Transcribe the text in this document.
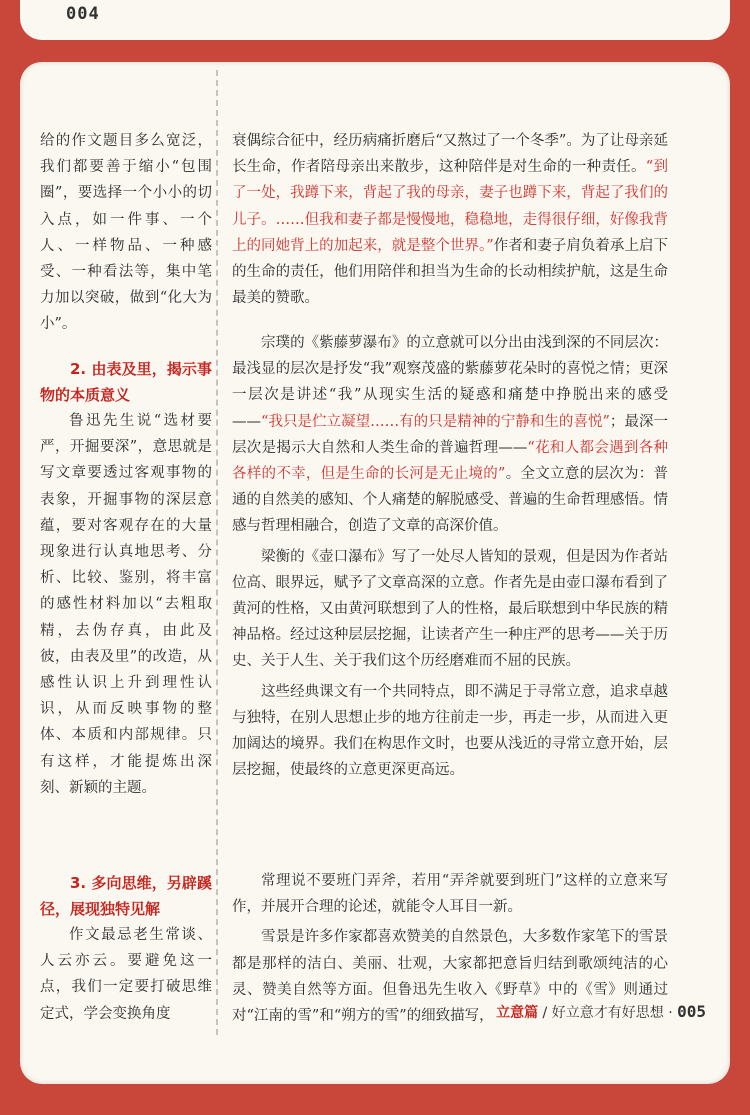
004

给的作文题目多么宽泛，我们都要善于缩小“包围圈”，要选择一个小小的切入点，如一件事、一个人、一样物品、一种感受、一种看法等，集中笔力加以突破，做到“化大为小”。

2. 由表及里，揭示事物的本质意义

鲁迅先生说“选材要严，开掘要深”，意思就是写文章要透过客观事物的表象，开掘事物的深层意蕴，要对客观存在的大量现象进行认真地思考、分析、比较、鉴别，将丰富的感性材料加以“去粗取精，去伪存真，由此及彼，由表及里”的改造，从感性认识上升到理性认识，从而反映事物的整体、本质和内部规律。只有这样，才能提炼出深刻、新颖的主题。

3. 多向思维，另辟蹊径，展现独特见解

作文最忌老生常谈、人云亦云。要避免这一点，我们一定要打破思维定式，学会变换角度

衰偶综合征中，经历病痛折磨后“又熬过了一个冬季”。为了让母亲延长生命，作者陪母亲出来散步，这种陪伴是对生命的一种责任。“到了一处，我蹲下来，背起了我的母亲，妻子也蹲下来，背起了我们的儿子。……但我和妻子都是慢慢地，稳稳地，走得很仔细，好像我背上的同她背上的加起来，就是整个世界。”作者和妻子肩负着承上启下的生命的责任，他们用陪伴和担当为生命的长动相续护航，这是生命最美的赞歌。

宗璞的《紫藤萝瀑布》的立意就可以分出由浅到深的不同层次：最浅显的层次是抒发“我”观察茂盛的紫藤萝花朵时的喜悦之情；更深一层次是讲述“我”从现实生活的疑惑和痛楚中挣脱出来的感受——“我只是伫立凝望……有的只是精神的宁静和生的喜悦”；最深一层次是揭示大自然和人类生命的普遍哲理——“花和人都会遇到各种各样的不幸，但是生命的长河是无止境的”。全文立意的层次为：普通的自然美的感知、个人痛楚的解脱感受、普遍的生命哲理感悟。情感与哲理相融合，创造了文章的高深价值。

梁衡的《壶口瀑布》写了一处尽人皆知的景观，但是因为作者站位高、眼界远，赋予了文章高深的立意。作者先是由壶口瀑布看到了黄河的性格，又由黄河联想到了人的性格，最后联想到中华民族的精神品格。经过这种层层挖掘，让读者产生一种庄严的思考——关于历史、关于人生、关于我们这个历经磨难而不屈的民族。

这些经典课文有一个共同特点，即不满足于寻常立意，追求卓越与独特，在别人思想止步的地方往前走一步，再走一步，从而进入更加阔达的境界。我们在构思作文时，也要从浅近的寻常立意开始，层层挖掘，使最终的立意更深更高远。

常理说不要班门弄斧，若用“弄斧就要到班门”这样的立意来写作，并展开合理的论述，就能令人耳目一新。

雪景是许多作家都喜欢赞美的自然景色，大多数作家笔下的雪景都是那样的洁白、美丽、壮观，大家都把意旨归结到歌颂纯洁的心灵、赞美自然等方面。但鲁迅先生收入《野草》中的《雪》则通过对“江南的雪”和“朔方的雪”的细致描写， 立意篇 / 好立意才有好思想 · 005
